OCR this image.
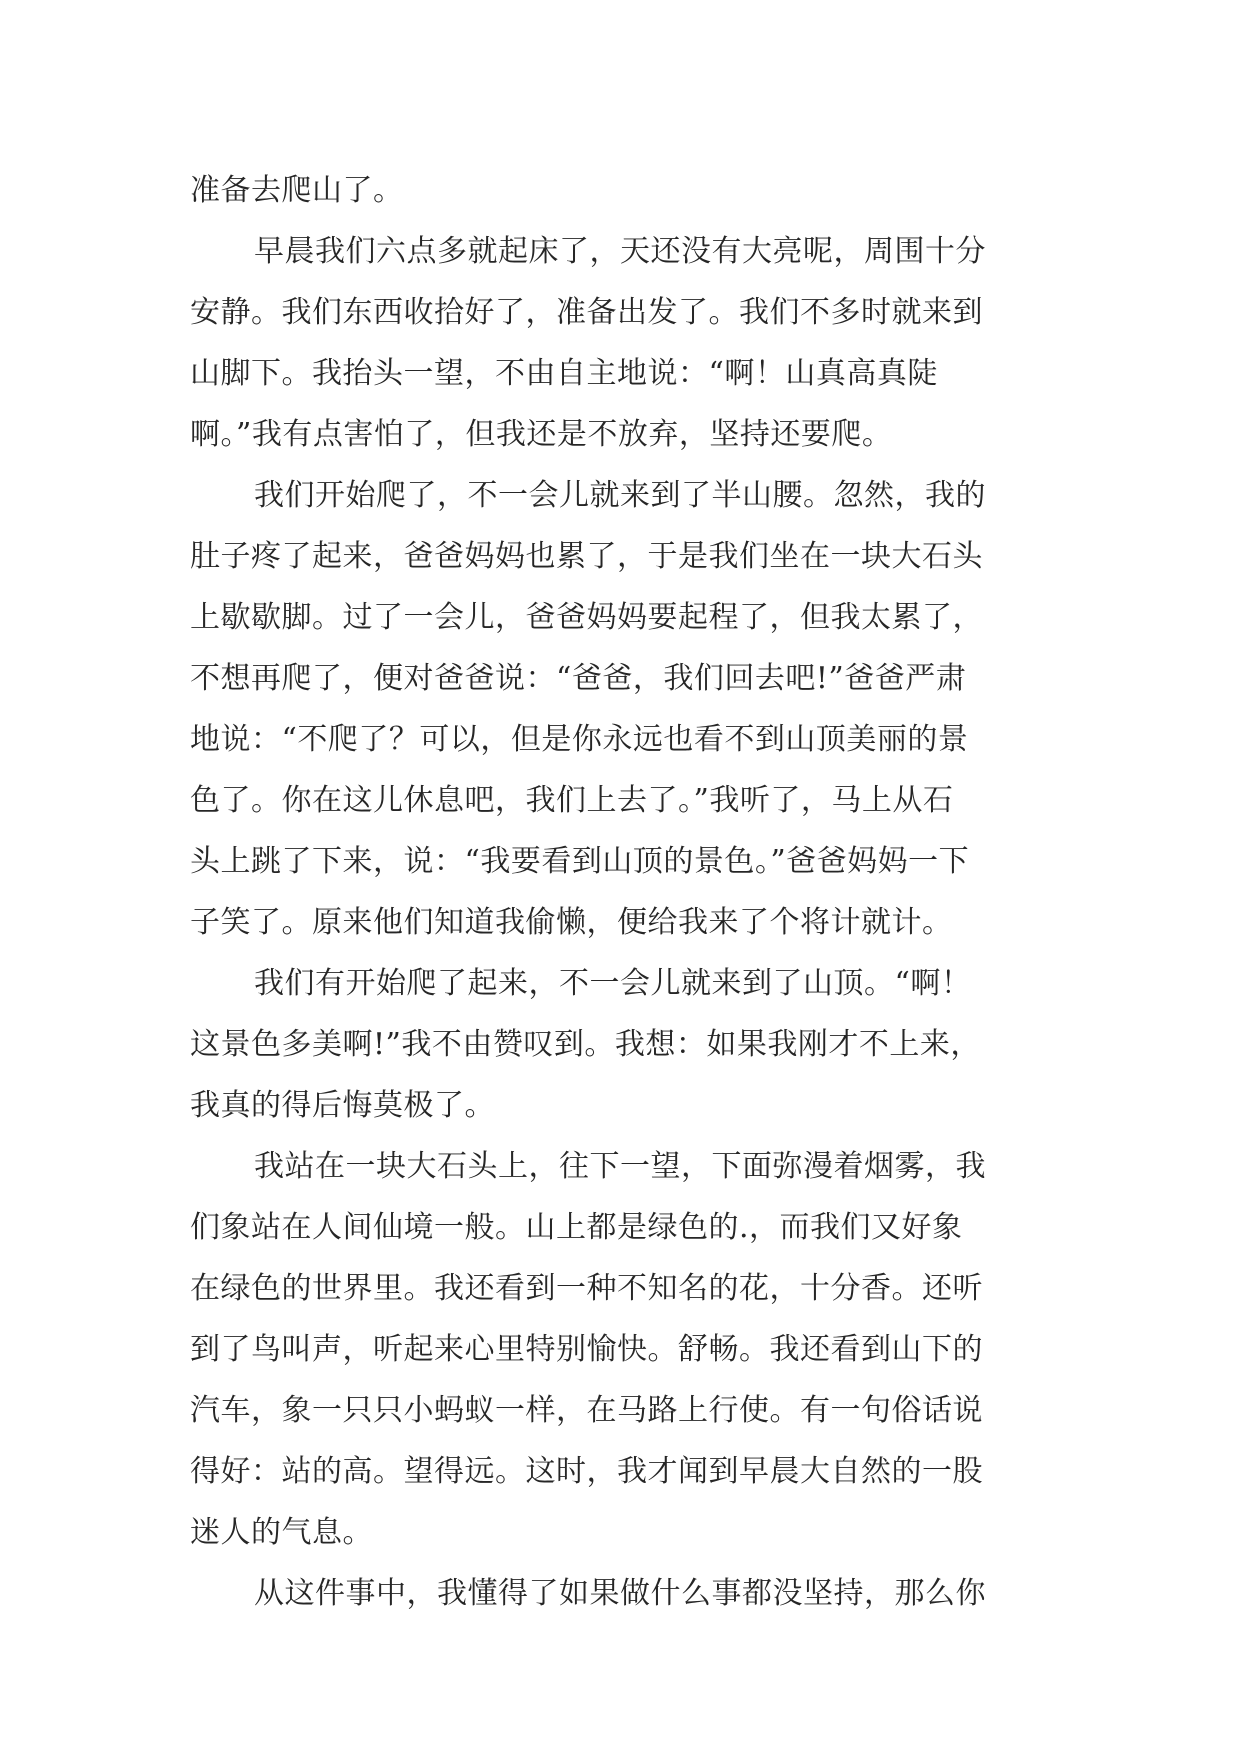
准备去爬山了。
早晨我们六点多就起床了，天还没有大亮呢，周围十分
安静。我们东西收拾好了，准备出发了。我们不多时就来到
山脚下。我抬头一望，不由自主地说：“啊！山真高真陡
啊。”我有点害怕了，但我还是不放弃，坚持还要爬。
我们开始爬了，不一会儿就来到了半山腰。忽然，我的
肚子疼了起来，爸爸妈妈也累了，于是我们坐在一块大石头
上歇歇脚。过了一会儿，爸爸妈妈要起程了，但我太累了，
不想再爬了，便对爸爸说：“爸爸，我们回去吧!”爸爸严肃
地说：“不爬了？可以，但是你永远也看不到山顶美丽的景
色了。你在这儿休息吧，我们上去了。”我听了，马上从石
头上跳了下来，说：“我要看到山顶的景色。”爸爸妈妈一下
子笑了。原来他们知道我偷懒，便给我来了个将计就计。
我们有开始爬了起来，不一会儿就来到了山顶。“啊！
这景色多美啊!”我不由赞叹到。我想：如果我刚才不上来，
我真的得后悔莫极了。
我站在一块大石头上，往下一望，下面弥漫着烟雾，我
们象站在人间仙境一般。山上都是绿色的.，而我们又好象
在绿色的世界里。我还看到一种不知名的花，十分香。还听
到了鸟叫声，听起来心里特别愉快。舒畅。我还看到山下的
汽车，象一只只小蚂蚁一样，在马路上行使。有一句俗话说
得好：站的高。望得远。这时，我才闻到早晨大自然的一股
迷人的气息。
从这件事中，我懂得了如果做什么事都没坚持，那么你
